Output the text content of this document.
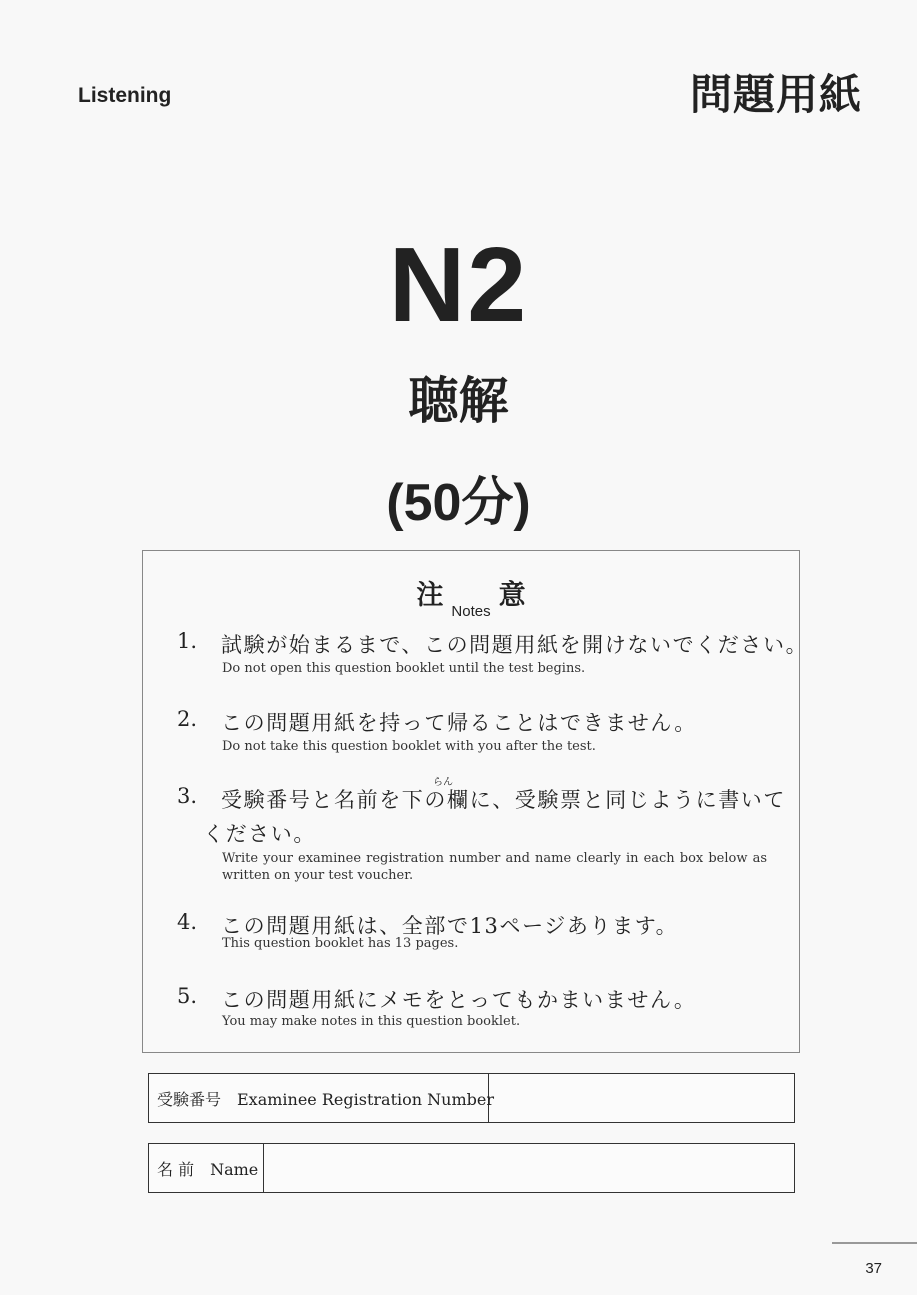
Listening	問題用紙
N2
聴解
(50分)
注Notes意
1. 試験が始まるまで、この問題用紙を開けないでください。
Do not open this question booklet until the test begins.
2. この問題用紙を持って帰ることはできません。
Do not take this question booklet with you after the test.
らん
3. 受験番号と名前を下の欄に、受験票と同じように書いて
ください。
Write your examinee registration number and name clearly in each box below as written on your test voucher.
4. この問題用紙は、全部で13ページあります。
This question booklet has 13 pages.
5. この問題用紙にメモをとってもかまいません。
You may make notes in this question booklet.
受験番号　Examinee Registration Number
名 前　Name
37
